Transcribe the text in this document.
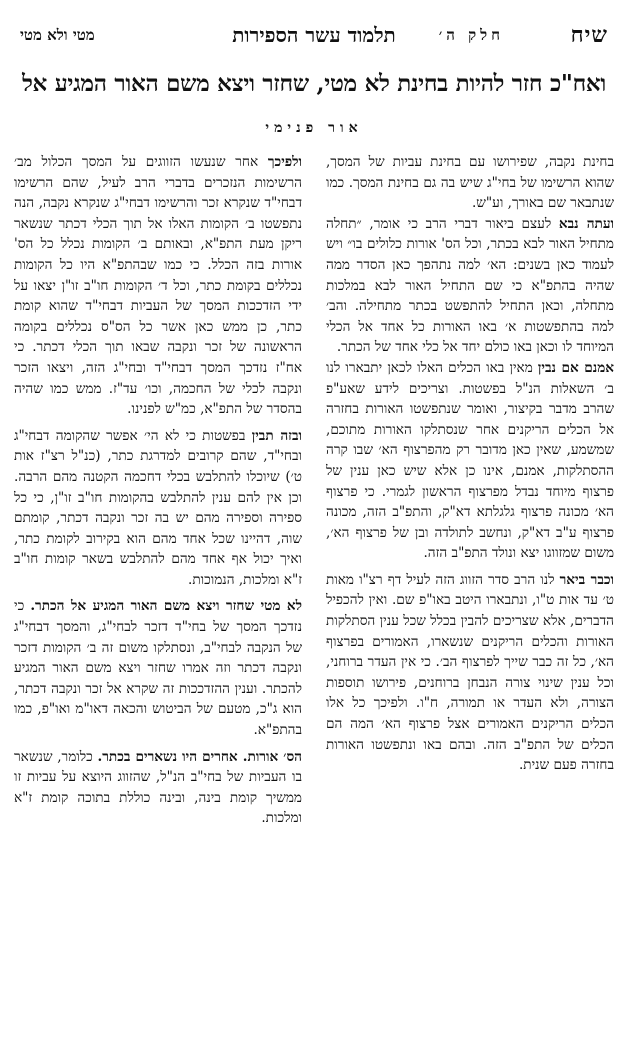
שיח
חלק ה׳
תלמוד עשר הספירות
מטי ולא מטי
ואח"כ חזר להיות בחינת לא מטי, שחזר ויצא משם האור המגיע אל
אור פנימי

בחינת נקבה, שפירושו עם בחינת עביות של המסך, שהוא הרשימו של בחי"ג שיש בה גם בחינת המסך. כמו שנתבאר שם באורך, וע"ש.

ועתה נבא לעצם ביאור דברי הרב כי אומר, ״תחלה מתחיל האור לבא בכתר, וכל הס' אורות כלולים בו״ ויש לעמוד כאן בשנים: הא׳ למה נתהפך כאן הסדר ממה שהיה בהתפ"א כי שם התחיל האור לבא במלכות מתחלה, וכאן התחיל להתפשט בכתר מתחילה. והב׳ למה בהתפשטות א׳ באו האורות כל אחד אל הכלי המיוחד לו וכאן באו כולם יחד אל כלי אחד של הכתר.

אמנם אם נבין מאין באו הכלים האלו לכאן יתבארו לנו ב׳ השאלות הנ"ל בפשטות. וצריכים לידע שאע"פ שהרב מדבר בקיצור, ואומר שנתפשטו האורות בחזרה אל הכלים הריקנים אחר שנסתלקו האורות מתוכם, שמשמע, שאין כאן מדובר רק מהפרצוף הא׳ שבו קרה ההסתלקות, אמנם, אינו כן אלא שיש כאן ענין של פרצוף מיוחד נבדל מפרצוף הראשון לגמרי. כי פרצוף הא׳ מכונה פרצוף גלגלתא דא"ק, והתפ"ב הזה, מכונה פרצוף ע"ב דא"ק, ונחשב לתולדה ובן של פרצוף הא׳, משום שמזווגו יצא ונולד התפ"ב הזה.

וכבר ביאר לנו הרב סדר הזווג הזה לעיל דף רצ"ו מאות ט׳ עד אות ט"ו, ונתבארו היטב באו"פ שם. ואין להכפיל הדברים, אלא שצריכים להבין בכלל שכל ענין הסתלקות האורות והכלים הריקנים שנשארו, האמורים בפרצוף הא׳, כל זה כבר שייך לפרצוף הב׳. כי אין העדר ברוחני, וכל ענין שינוי צורה הנבחן ברוחנים, פירושו תוספות הצורה, ולא העדר או תמורה, ח"ו. ולפיכך כל אלו הכלים הריקנים האמורים אצל פרצוף הא׳ המה הם הכלים של התפ"ב הזה. ובהם באו ונתפשטו האורות בחזרה פעם שנית.

ולפיכך אחר שנעשו הזווגים על המסך הכלול מב׳ הרשימות הנזכרים בדברי הרב לעיל, שהם הרשימו דבחי"ד שנקרא זכר והרשימו דבחי"ג שנקרא נקבה, הנה נתפשטו ב׳ הקומות האלו אל תוך הכלי דכתר שנשאר ריקן מעת התפ"א, ובאותם ב׳ הקומות נכלל כל הס' אורות בזה הכלל. כי כמו שבהתפ"א היו כל הקומות נכללים בקומת כתר, וכל ד׳ הקומות חו"ב זו"ן יצאו על ידי הזדככות המסך של העביות דבחי"ד שהוא קומת כתר, כן ממש כאן אשר כל הס"ס נכללים בקומה הראשונה של זכר ונקבה שבאו תוך הכלי דכתר. כי אח"ז נזדכך המסך דבחי"ד ובחי"ג הזה, ויצאו הזכר ונקבה לכלי של החכמה, וכו׳ עד"ז. ממש כמו שהיה בהסדר של התפ"א, כמ"ש לפנינו.

ובזה תבין בפשטות כי לא הי׳ אפשר שהקומה דבחי"ג ובחי"ד, שהם קרובים למדרגת כתר, (כנ"ל רצ"ז אות ט׳) שיוכלו להתלבש בכלי דחכמה הקטנה מהם הרבה. וכן אין להם ענין להתלבש בהקומות חו"ב זו"ן, כי כל ספירה וספירה מהם יש בה זכר ונקבה דכתר, קומתם שוה, דהיינו שכל אחד מהם הוא בקירוב לקומת כתר, ואיך יכול אף אחד מהם להתלבש בשאר קומות חו"ב ז"א ומלכות, הנמוכות.

לא מטי שחזר ויצא משם האור המגיע אל הכתר. כי נזדכך המסך של בחי"ד דזכר לבחי"ג, והמסך דבחי"ג של הנקבה לבחי"ב, ונסתלקו משום זה ב׳ הקומות דזכר ונקבה דכתר וזה אמרו שחזר ויצא משם האור המגיע להכתר. וענין ההזדככות זה שקרא אל זכר ונקבה דכתר, הוא ג"כ, מטעם של הביטוש והכאה דאו"מ ואו"פ, כמו בהתפ"א.

הס׳ אורות. אחרים היו נשארים בכתר. כלומר, שנשאר בו העביות של בחי"ב הנ"ל, שהזווג היוצא על עביות זו ממשיך קומת בינה, ובינה כוללת בתוכה קומת ז"א ומלכות.
